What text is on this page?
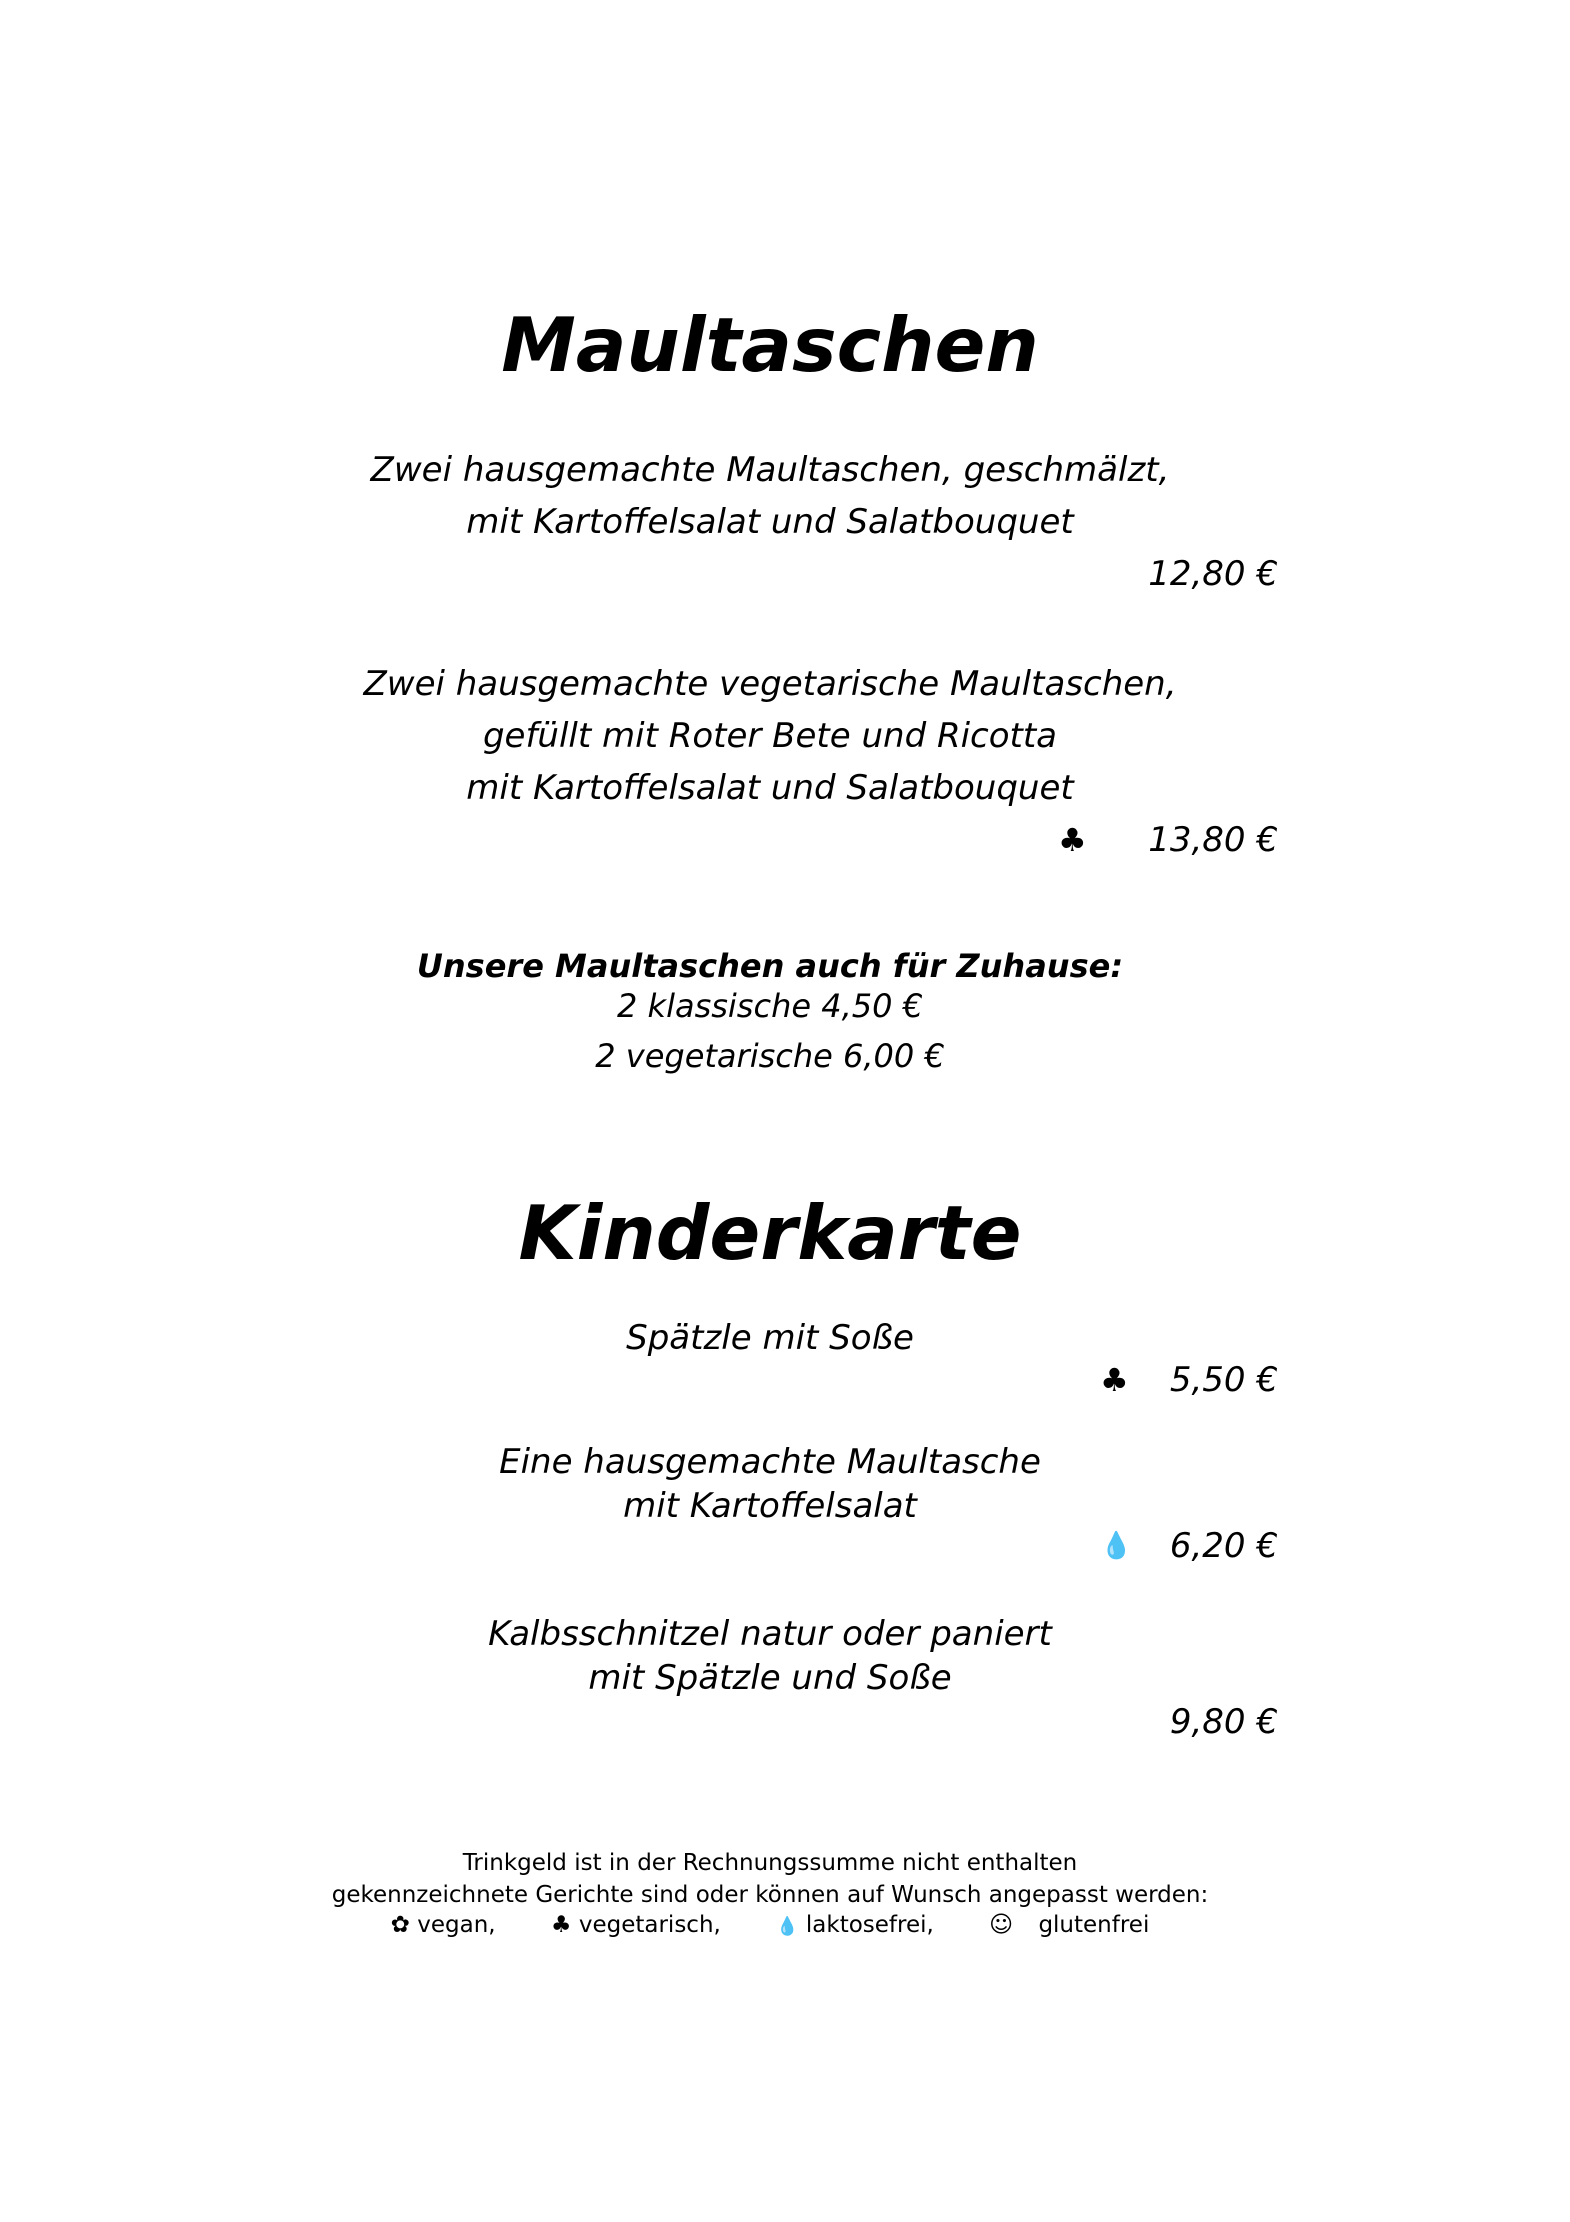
Maultaschen
Zwei hausgemachte Maultaschen, geschmälzt,
mit Kartoffelsalat und Salatbouquet
12,80 €
Zwei hausgemachte vegetarische Maultaschen,
gefüllt mit Roter Bete und Ricotta
mit Kartoffelsalat und Salatbouquet
♣ 13,80 €
Unsere Maultaschen auch für Zuhause:
2 klassische 4,50 €
2 vegetarische 6,00 €
Kinderkarte
Spätzle mit Soße
♣ 5,50 €
Eine hausgemachte Maultasche
mit Kartoffelsalat
💧 6,20 €
Kalbsschnitzel natur oder paniert
mit Spätzle und Soße
9,80 €
Trinkgeld ist in der Rechnungssumme nicht enthalten
gekennzeichnete Gerichte sind oder können auf Wunsch angepasst werden:
✿ vegan, ♣ vegetarisch,	💧 laktosefrei, ☺ glutenfrei
